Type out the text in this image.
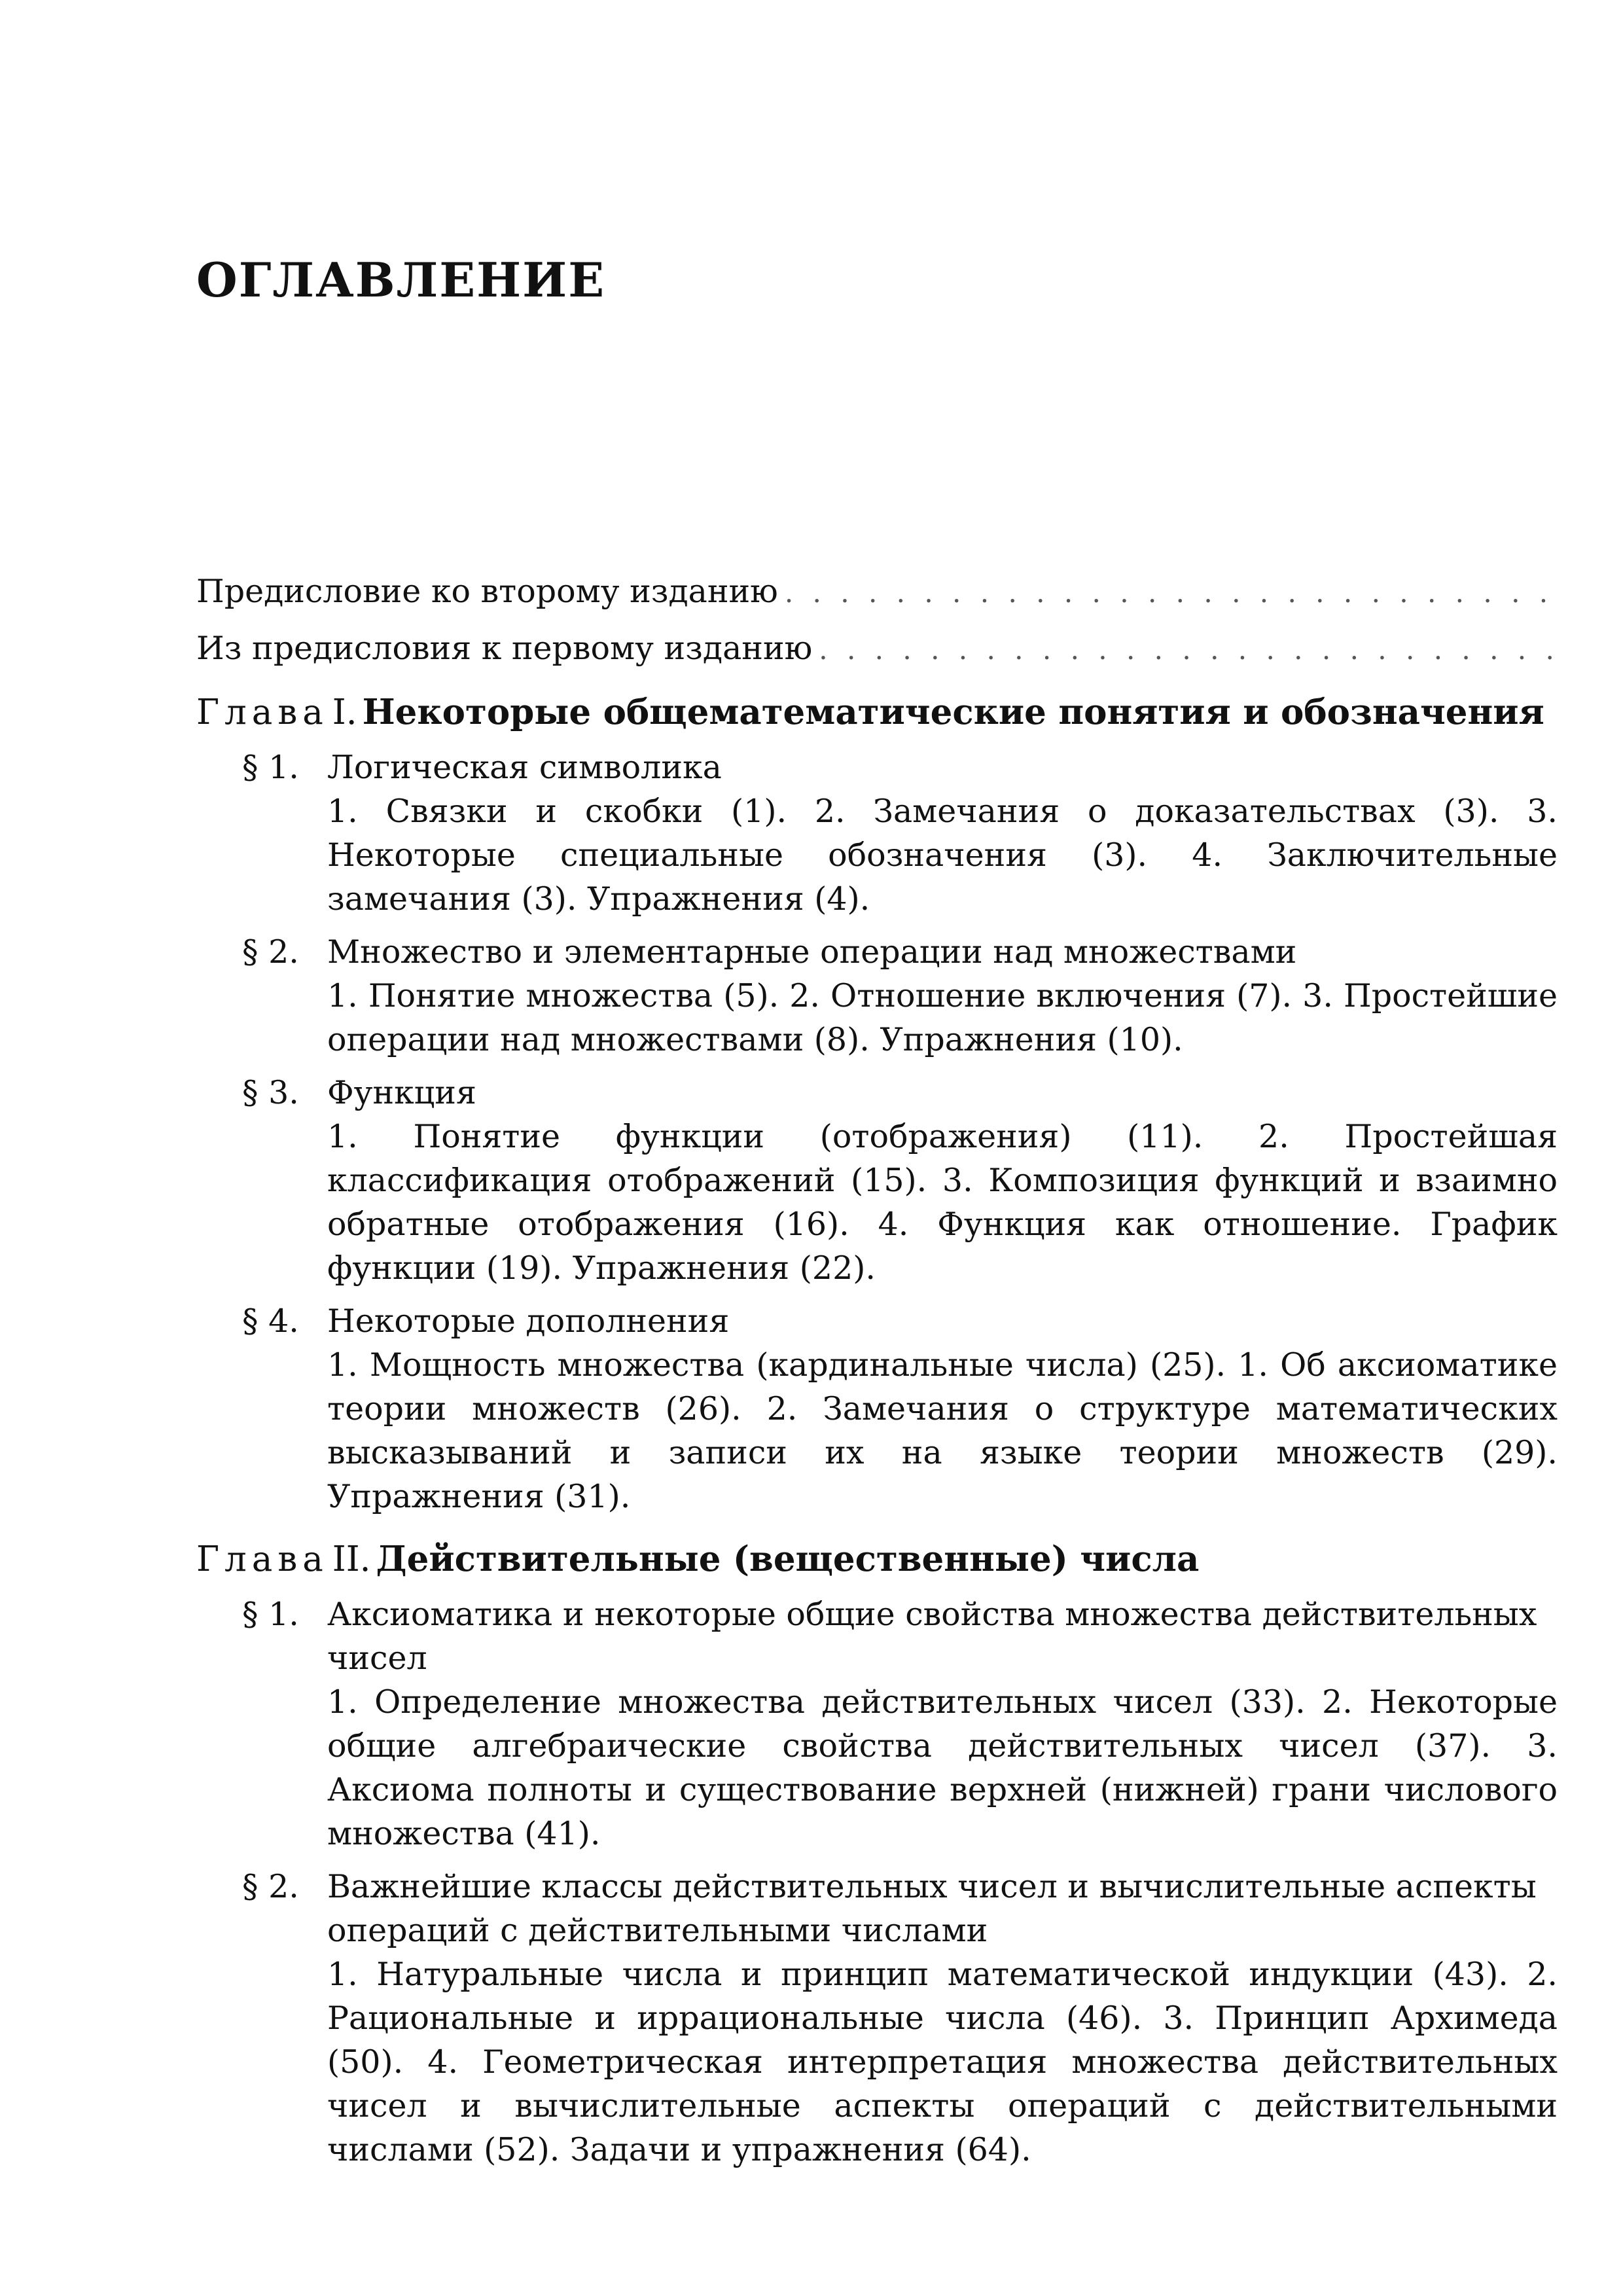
ОГЛАВЛЕНИЕ
Предисловие ко второму изданию
. . .
Из предисловия к первому изданию
. . .
Глава I. Некоторые общематематические понятия и обозначения
§ 1. Логическая символика
1. Связки и скобки (1). 2. Замечания о доказательствах (3). 3. Некоторые специальные обозначения (3). 4. Заключительные замечания (3). Упражнения (4).
§ 2. Множество и элементарные операции над множествами
1. Понятие множества (5). 2. Отношение включения (7). 3. Простейшие операции над множествами (8). Упражнения (10).
§ 3. Функция
1. Понятие функции (отображения) (11). 2. Простейшая классификация отображений (15). 3. Композиция функций и взаимно обратные отображения (16). 4. Функция как отношение. График функции (19). Упражнения (22).
§ 4. Некоторые дополнения
1. Мощность множества (кардинальные числа) (25). 1. Об аксиоматике теории множеств (26). 2. Замечания о структуре математических высказываний и записи их на языке теории множеств (29). Упражнения (31).
Глава II. Действительные (вещественные) числа
§ 1. Аксиоматика и некоторые общие свойства множества действительных
чисел
1. Определение множества действительных чисел (33). 2. Некоторые общие алгебраические свойства действительных чисел (37). 3. Аксиома полноты и существование верхней (нижней) грани числового множества (41).
§ 2. Важнейшие классы действительных чисел и вычислительные аспекты
операций с действительными числами
1. Натуральные числа и принцип математической индукции (43). 2. Рациональные и иррациональные числа (46). 3. Принцип Архимеда (50). 4. Геометрическая интерпретация множества действительных чисел и вычислительные аспекты операций с действительными числами (52). Задачи и упражнения (64).
